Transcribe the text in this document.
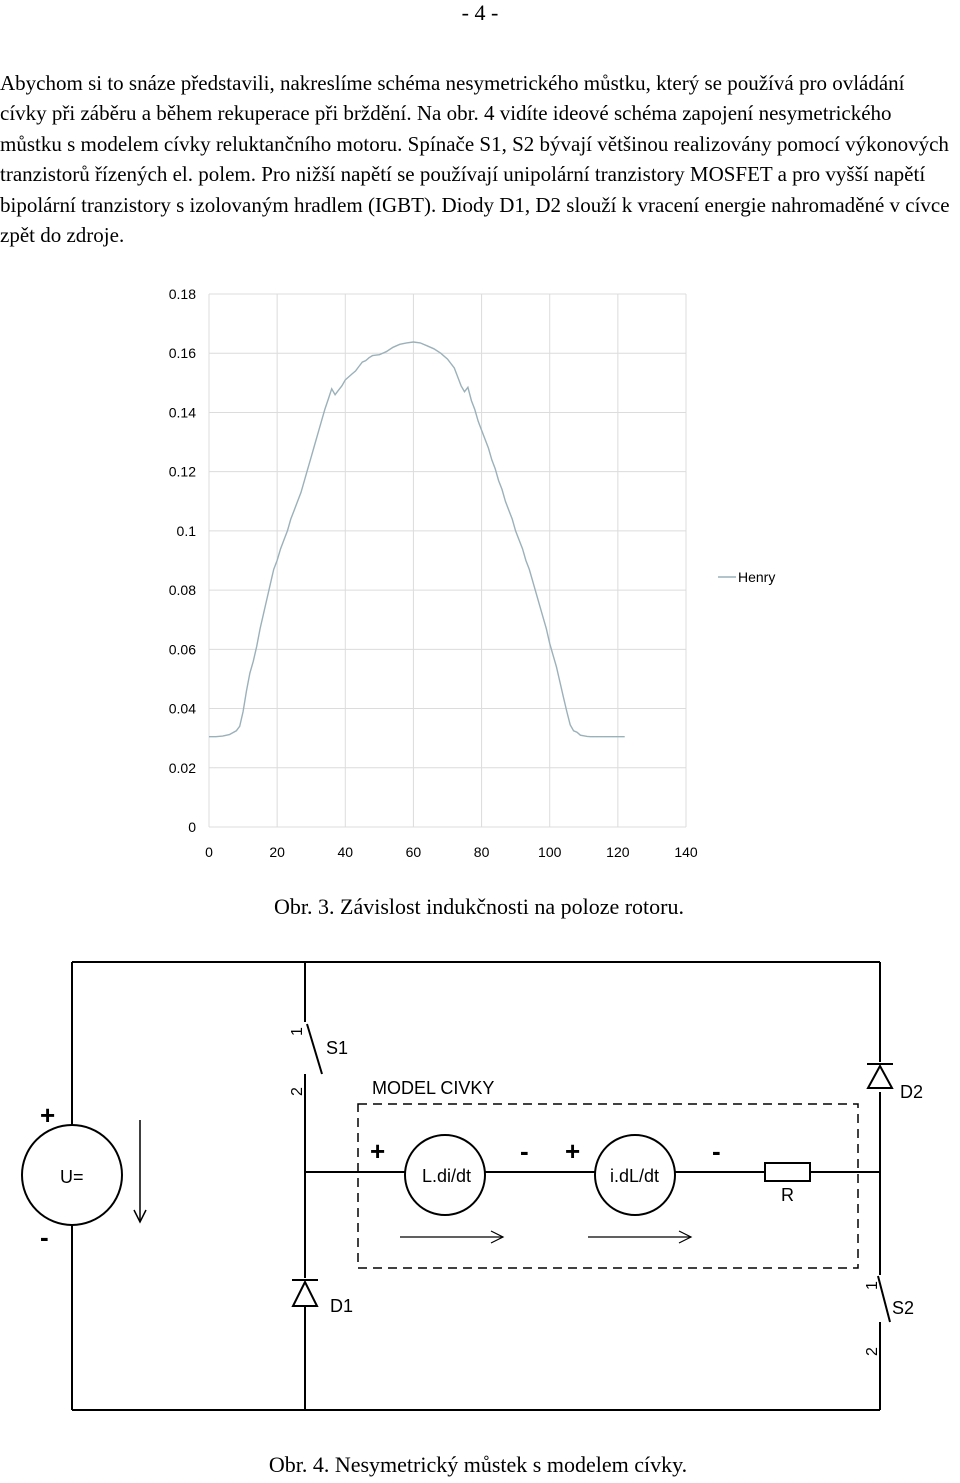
- 4 -

Abychom si to snáze představili, nakreslíme schéma nesymetrického můstku, který se používá pro ovládání cívky při záběru a během rekuperace při brždění. Na obr. 4 vidíte ideové schéma zapojení nesymetrického můstku s modelem cívky reluktančního motoru. Spínače S1, S2 bývají většinou realizovány pomocí výkonových tranzistorů řízených el. polem. Pro nižší napětí se používají unipolární tranzistory MOSFET a pro vyšší napětí bipolární tranzistory s izolovaným hradlem (IGBT). Diody D1, D2 slouží k vracení energie nahromaděné v cívce zpět do zdroje.

0
0.02
0.04
0.06
0.08
0.1
0.12
0.14
0.16
0.18
0	20	40	60	80	100	120	140
Henry
Obr. 3. Závislost indukčnosti na poloze rotoru.
U=
+
-
S1
1
2
S2
1
2
D1
D2
MODEL CIVKY
L.di/dt	i.dL/dt
R
+	- +	-
Obr. 4. Nesymetrický můstek s modelem cívky.
